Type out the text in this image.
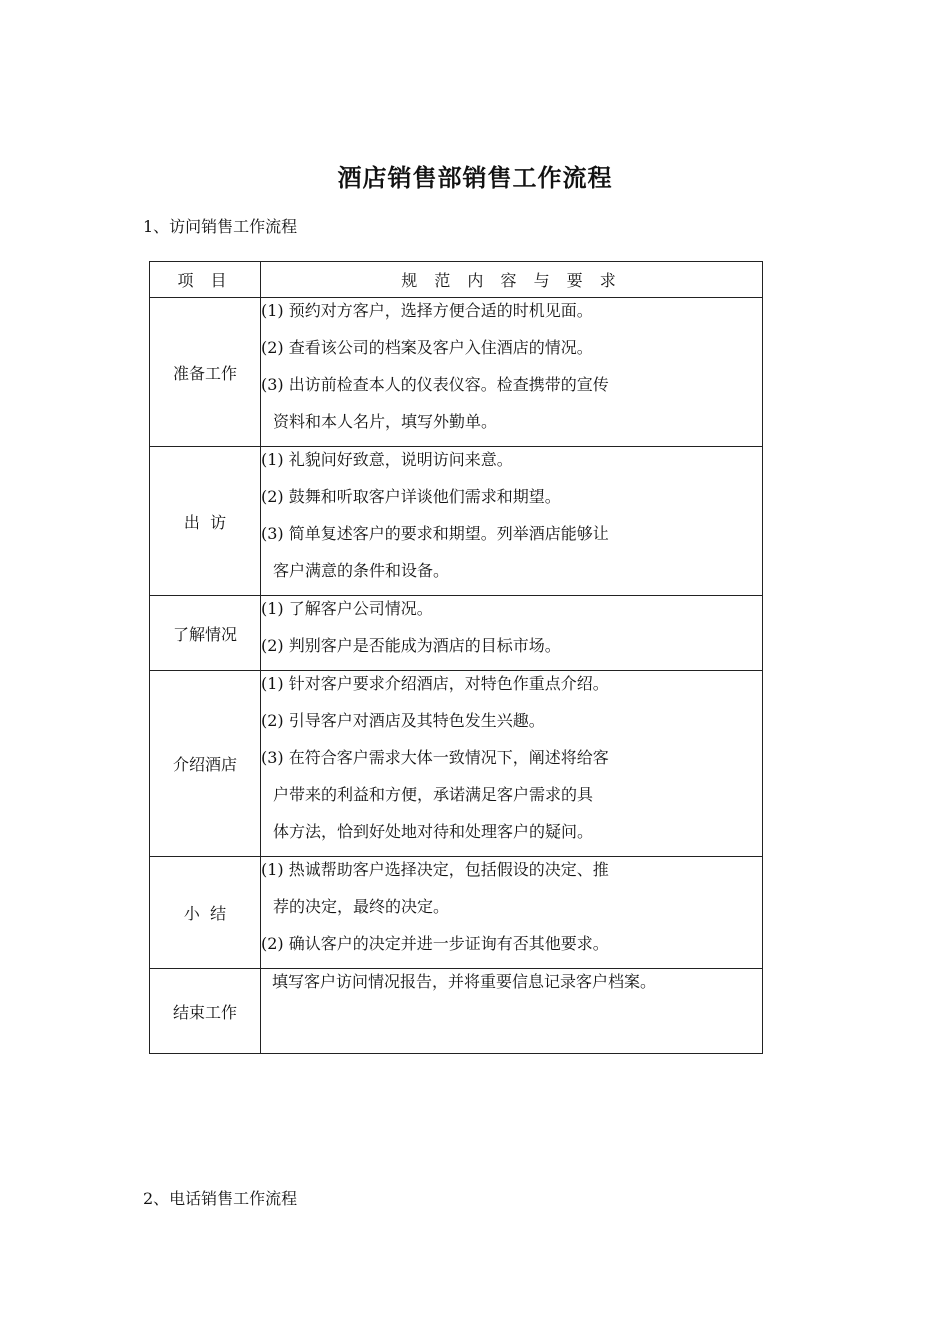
酒店销售部销售工作流程
1、访问销售工作流程
项 目	规 范 内 容 与 要 求
准备工作	(1) 预约对方客户，选择方便合适的时机见面。
(2) 查看该公司的档案及客户入住酒店的情况。
(3) 出访前检查本人的仪表仪容。检查携带的宣传
资料和本人名片，填写外勤单。

出  访	(1) 礼貌问好致意，说明访问来意。
(2) 鼓舞和听取客户详谈他们需求和期望。
(3) 简单复述客户的要求和期望。列举酒店能够让
客户满意的条件和设备。

了解情况	(1) 了解客户公司情况。
(2) 判别客户是否能成为酒店的目标市场。

介绍酒店	(1) 针对客户要求介绍酒店，对特色作重点介绍。
(2) 引导客户对酒店及其特色发生兴趣。
(3) 在符合客户需求大体一致情况下，阐述将给客
户带来的利益和方便，承诺满足客户需求的具
体方法，恰到好处地对待和处理客户的疑问。

小  结	(1) 热诚帮助客户选择决定，包括假设的决定、推
荐的决定，最终的决定。
(2) 确认客户的决定并进一步证询有否其他要求。

结束工作	填写客户访问情况报告，并将重要信息记录客户档案。
2、电话销售工作流程
